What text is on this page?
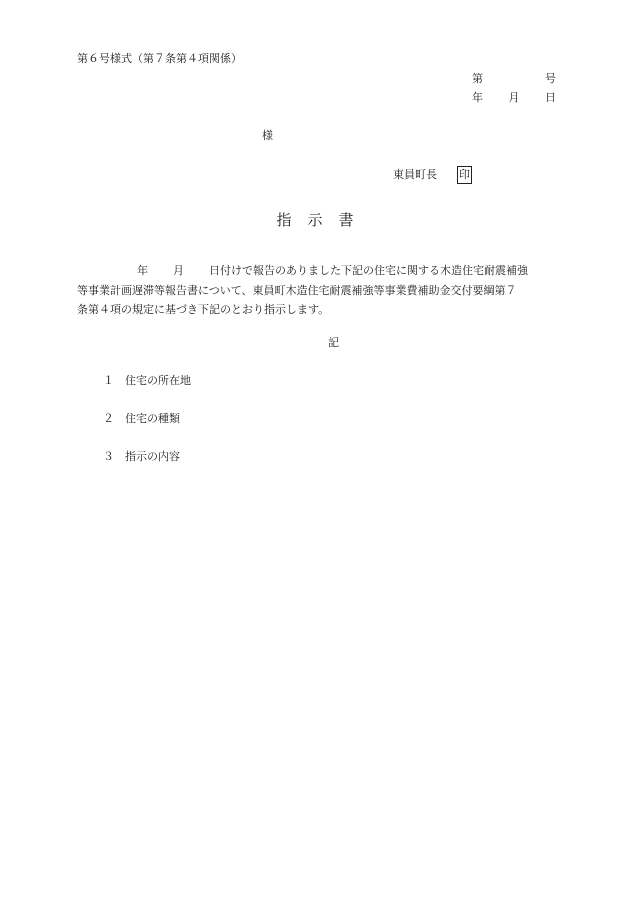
第６号様式（第７条第４項関係）
第	号
年 月 日
様
東員町長 印
指示書

年 月 日付けで報告のありました下記の住宅に関する木造住宅耐震補強

等事業計画遅滞等報告書について、東員町木造住宅耐震補強等事業費補助金交付要綱第７

条第４項の規定に基づき下記のとおり指示します。

記
１ 住宅の所在地
２ 住宅の種類
３ 指示の内容
